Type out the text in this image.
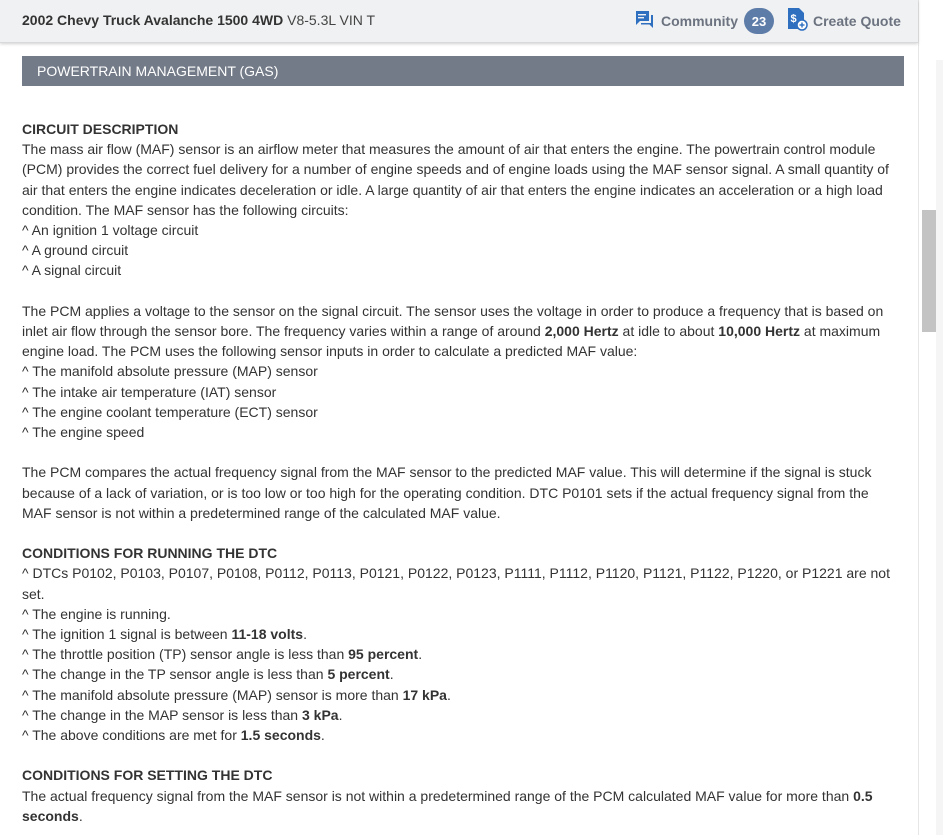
2002 Chevy Truck Avalanche 1500 4WD V8-5.3L VIN T	Community	23	$ Create Quote
POWERTRAIN MANAGEMENT (GAS)

CIRCUIT DESCRIPTION

The mass air flow (MAF) sensor is an airflow meter that measures the amount of air that enters the engine. The powertrain control module (PCM) provides the correct fuel delivery for a number of engine speeds and of engine loads using the MAF sensor signal. A small quantity of air that enters the engine indicates deceleration or idle. A large quantity of air that enters the engine indicates an acceleration or a high load condition. The MAF sensor has the following circuits:

^ An ignition 1 voltage circuit

^ A ground circuit

^ A signal circuit

The PCM applies a voltage to the sensor on the signal circuit. The sensor uses the voltage in order to produce a frequency that is based on inlet air flow through the sensor bore. The frequency varies within a range of around 2,000 Hertz at idle to about 10,000 Hertz at maximum engine load. The PCM uses the following sensor inputs in order to calculate a predicted MAF value:

^ The manifold absolute pressure (MAP) sensor

^ The intake air temperature (IAT) sensor

^ The engine coolant temperature (ECT) sensor

^ The engine speed

The PCM compares the actual frequency signal from the MAF sensor to the predicted MAF value. This will determine if the signal is stuck because of a lack of variation, or is too low or too high for the operating condition. DTC P0101 sets if the actual frequency signal from the MAF sensor is not within a predetermined range of the calculated MAF value.

CONDITIONS FOR RUNNING THE DTC

^ DTCs P0102, P0103, P0107, P0108, P0112, P0113, P0121, P0122, P0123, P1111, P1112, P1120, P1121, P1122, P1220, or P1221 are not set.

^ The engine is running.

^ The ignition 1 signal is between 11-18 volts.

^ The throttle position (TP) sensor angle is less than 95 percent.

^ The change in the TP sensor angle is less than 5 percent.

^ The manifold absolute pressure (MAP) sensor is more than 17 kPa.

^ The change in the MAP sensor is less than 3 kPa.

^ The above conditions are met for 1.5 seconds.

CONDITIONS FOR SETTING THE DTC

The actual frequency signal from the MAF sensor is not within a predetermined range of the PCM calculated MAF value for more than 0.5 seconds.
